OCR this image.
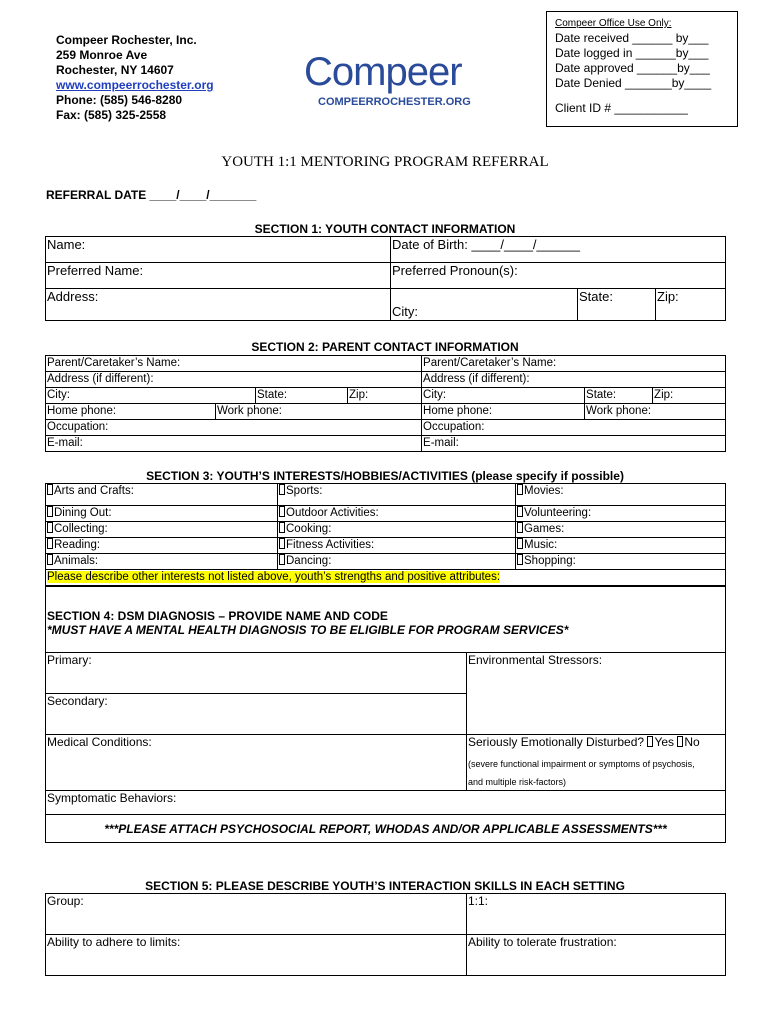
Compeer Rochester, Inc.
259 Monroe Ave
Rochester, NY 14607
www.compeerrochester.org
Phone: (585) 546-8280
Fax: (585) 325-2558
Compeer
COMPEERROCHESTER.ORG
Compeer Office Use Only:
Date received ______ by___
Date logged in ______by___
Date approved ______by___
Date Denied _______by____
Client ID # ___________
YOUTH 1:1 MENTORING PROGRAM REFERRAL
REFERRAL DATE ____/____/_______
SECTION 1: YOUTH CONTACT INFORMATION
Name:	Date of Birth: ____/____/______		
Preferred Name:	Preferred Pronoun(s):		
Address:	City:	State:	Zip:
SECTION 2: PARENT CONTACT INFORMATION
Parent/Caretaker’s Name:				Parent/Caretaker’s Name:		
Address (if different):				Address (if different):		
City:		State:	Zip:	City:	State:	Zip:
Home phone:	Work phone:			Home phone:	Work phone:	
Occupation:				Occupation:		
E-mail:				E-mail:		
SECTION 3: YOUTH’S INTERESTS/HOBBIES/ACTIVITIES (please specify if possible)
Arts and Crafts:	Sports:	Movies:
Dining Out:	Outdoor Activities:	Volunteering:
Collecting:	Cooking:	Games:
Reading:	Fitness Activities:	Music:
Animals:	Dancing:	Shopping:
Please describe other interests not listed above, youth’s strengths and positive attributes:		
SECTION 4: DSM DIAGNOSIS – PROVIDE NAME AND CODE
*MUST HAVE A MENTAL HEALTH DIAGNOSIS TO BE ELIGIBLE FOR PROGRAM SERVICES*	

Primary:	Environmental Stressors:
Secondary:	
Medical Conditions:	Seriously Emotionally Disturbed? Yes No
(severe functional impairment or symptoms of psychosis,
and multiple risk-factors)

Symptomatic Behaviors:	
***PLEASE ATTACH PSYCHOSOCIAL REPORT, WHODAS AND/OR APPLICABLE ASSESSMENTS***	
SECTION 5: PLEASE DESCRIBE YOUTH’S INTERACTION SKILLS IN EACH SETTING
Group:	1:1:
Ability to adhere to limits:	Ability to tolerate frustration:
